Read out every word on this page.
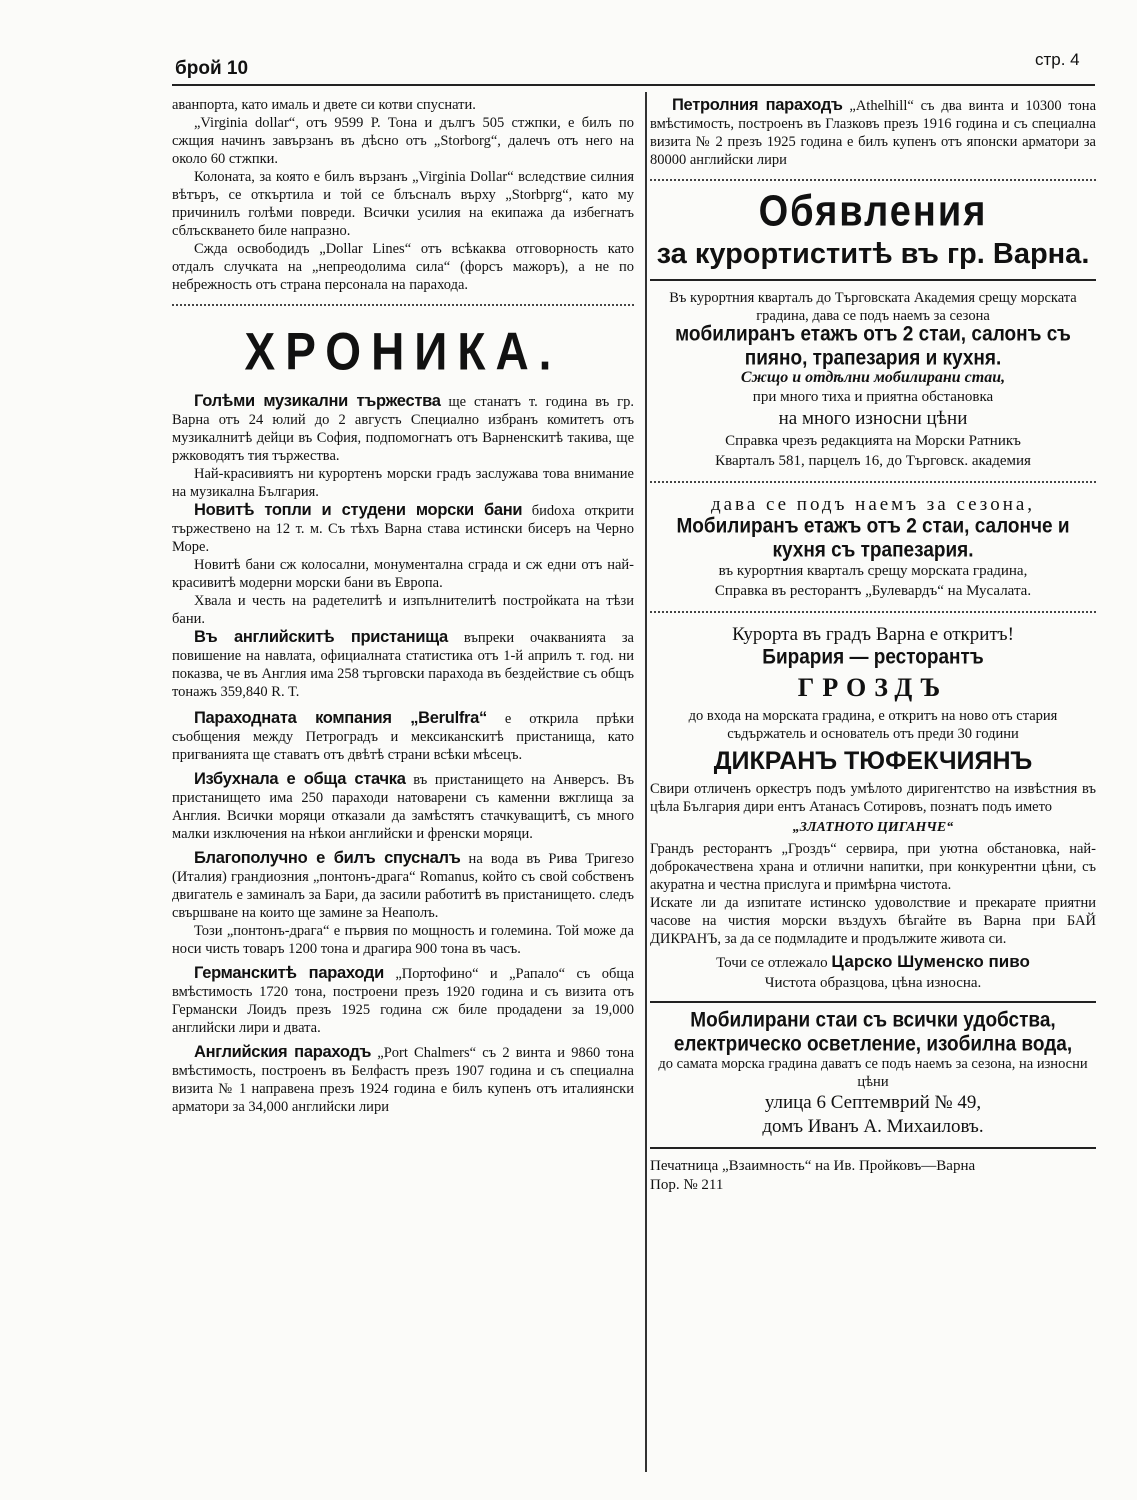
брой 10	стр. 4

аванпорта, като ималь и двете си котви спуснати.

„Virginia dollar“, отъ 9599 Р. Тона и дългъ 505 стжпки, е билъ по сжщия начинъ завързанъ въ дѣсно отъ „Storborg“, далечъ отъ него на около 60 стжпки.

Колоната, за която е билъ вързанъ „Virginia Dollar“ вследствие силния вѣтъръ, се откъртила и той се блъсналъ върху „Storbprg“, като му причинилъ голѣми повреди. Всички усилия на екипажа да избегнатъ сблъскването биле напразно.

Сжда освободидъ „Dollar Lines“ отъ всѣкаква отговорность като отдалъ случката на „непреодолима сила“ (форсъ мажоръ), а не по небрежность отъ страна персонала на парахода.

ХРОНИКА.

Голѣми музикални тържества ще станатъ т. година въ гр. Варна отъ 24 юлий до 2 августъ Специално избранъ комитетъ отъ музикалнитѣ дейци въ София, подпомогнатъ отъ Варненскитѣ такива, ще ржководятъ тия тържества.

Най-красивиятъ ни курортенъ морски градъ заслужава това внимание на музикална България.

Новитѣ топли и студени морски бани биdoха открити тържествено на 12 т. м. Съ тѣхъ Варна става истински бисеръ на Черно Море.

Новитѣ бани сж колосални, монументална сграда и сж едни отъ най-красивитѣ модерни морски бани въ Европа.

Хвала и честь на радетелитѣ и изпълнителитѣ постройката на тѣзи бани.

Въ английскитѣ пристанища въпреки очакванията за повишение на навлата, официалната статистика отъ 1-й априлъ т. год. ни показва, че въ Англия има 258 търговски парахода въ бездействие съ общъ тонажъ 359,840 R. T.

Параходната компания „Berulfra“ е открила прѣки съобщения между Петроградъ и мексиканскитѣ пристанища, като пригванията ще ставатъ отъ двѣтѣ страни всѣки мѣсецъ.

Избухнала е обща стачка въ пристанището на Анверсъ. Въ пристанището има 250 параходи натоварени съ каменни вжглища за Англия. Всички моряци отказали да замѣстятъ стачкуващитѣ, съ много малки изключения на нѣкои английски и френски моряци.

Благополучно е билъ спусналъ на вода въ Рива Тригезо (Италия) грандиозния „понтонъ-драга“ Romanus, който съ свой собственъ двигатель е заминалъ за Бари, да засили работитѣ въ пристанището. следъ свършване на които ще замине за Неаполъ.

Този „понтонъ-драга“ е първия по мощность и големина. Той може да носи чисть товаръ 1200 тона и драгира 900 тона въ часъ.

Германскитѣ параходи „Портофино“ и „Рапало“ съ обща вмѣстимость 1720 тона, построени презъ 1920 година и съ визита отъ Германски Лоидъ презъ 1925 година сж биле продадени за 19,000 английски лири и двата.

Английския параходъ „Port Chalmers“ съ 2 винта и 9860 тона вмѣстимость, построенъ въ Белфастъ презъ 1907 година и съ специална визита № 1 направена презъ 1924 година е билъ купенъ отъ италиянски арматори за 34,000 английски лири

Петролния параходъ „Athelhill“ съ два винта и 10300 тона вмѣстимость, построенъ въ Глазковъ презъ 1916 година и съ специална визита № 2 презъ 1925 година е билъ купенъ отъ японски арматори за 80000 английски лири

Обявления
за курортиститѣ въ гр. Варна.

Въ курортния кварталъ до Търговската Академия срещу морската градина, дава се подъ наемъ за сезона

мобилиранъ етажъ отъ 2 стаи, салонъ съ пияно, трапезария и кухня.
Сжщо и отдѣлни мобилирани стаи,
при много тиха и приятна обстановка
на много износни цѣни
Справка чрезъ редакцията на Морски Ратникъ
Кварталъ 581, парцелъ 16, до Търговск. академия
дава се подъ наемъ за сезона,
Мобилиранъ етажъ отъ 2 стаи, салонче и кухня съ трапезария.
въ курортния кварталъ срещу морската градина,
Справка въ ресторантъ „Булевардъ“ на Мусалата.
Курорта въ градъ Варна е откритъ!
Бирария — ресторантъ
ГРОЗДЪ

до входа на морската градина, е откритъ на ново отъ стария съдържатель и основатель отъ преди 30 години

ДИКРАНЪ ТЮФЕКЧИЯНЪ

Свири отличенъ оркестръ подъ умѣлото диригентство на извѣстния въ цѣла България дири ентъ Атанасъ Сотировъ, познатъ подъ името

„ЗЛАТНОТО ЦИГАНЧЕ“

Грандъ ресторантъ „Гроздъ“ сервира, при уютна обстановка, най-доброкачествена храна и отлични напитки, при конкурентни цѣни, съ акуратна и честна прислуга и примѣрна чистота.

Искате ли да изпитате истинско удоволствие и прекарате приятни часове на чистия морски въздухъ бѣгайте въ Варна при БАЙ ДИКРАНЪ, за да се подмладите и продължите живота си.

Точи се отлежало Царско Шуменско пиво
Чистота образцова, цѣна износна.
Мобилирани стаи съ всички удобства, електрическо осветление, изобилна вода,

до самата морска градина даватъ се подъ наемъ за сезона, на износни цѣни

улица 6 Септемврий № 49,
домъ Иванъ А. Михаиловъ.
Печатница „Взаимность“ на Ив. Пройковъ—Варна
Пор. № 211
